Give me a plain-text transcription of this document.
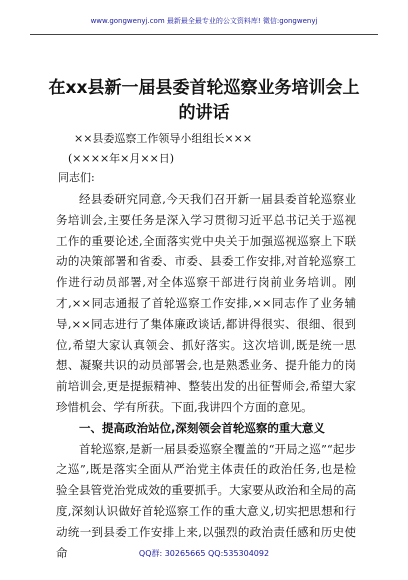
www.gongwenyj.com 最新最全最专业的公文资料库! 微信:gongwenyj
在xx县新一届县委首轮巡察业务培训会上的讲话
××县委巡察工作领导小组组长×××
(××××年×月××日)
同志们:

经县委研究同意,今天我们召开新一届县委首轮巡察业务培训会,主要任务是深入学习贯彻习近平总书记关于巡视工作的重要论述,全面落实党中央关于加强巡视巡察上下联动的决策部署和省委、市委、县委工作安排,对首轮巡察工作进行动员部署,对全体巡察干部进行岗前业务培训。刚才,××同志通报了首轮巡察工作安排,××同志作了业务辅导,××同志进行了集体廉政谈话,都讲得很实、很细、很到位,希望大家认真领会、抓好落实。这次培训,既是统一思想、凝聚共识的动员部署会,也是熟悉业务、提升能力的岗前培训会,更是提振精神、整装出发的出征誓师会,希望大家珍惜机会、学有所获。下面,我讲四个方面的意见。

一、提高政治站位,深刻领会首轮巡察的重大意义

首轮巡察,是新一届县委巡察全覆盖的“开局之巡”“起步之巡”,既是落实全面从严治党主体责任的政治任务,也是检验全县管党治党成效的重要抓手。大家要从政治和全局的高度,深刻认识做好首轮巡察工作的重大意义,切实把思想和行动统一到县委工作安排上来,以强烈的政治责任感和历史使命	QQ群: 30265665 QQ:535304092
